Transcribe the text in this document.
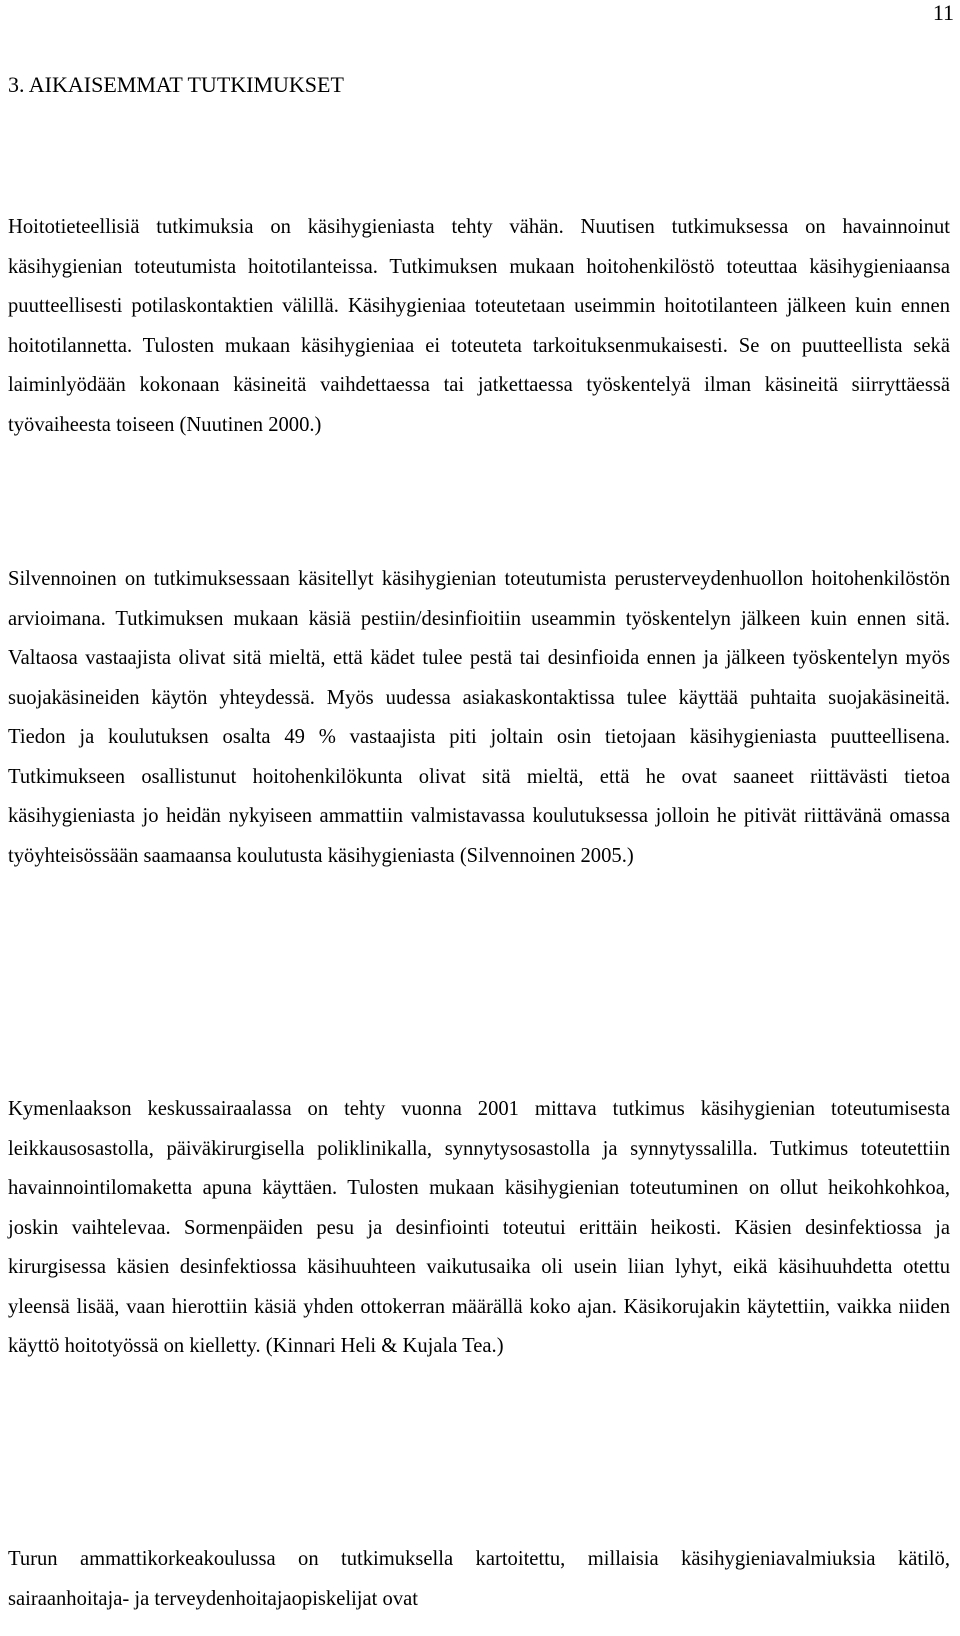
11
3. AIKAISEMMAT TUTKIMUKSET

Hoitotieteellisiä tutkimuksia on käsihygieniasta tehty vähän. Nuutisen tutkimuksessa on havainnoinut käsihygienian toteutumista hoitotilanteissa. Tutkimuksen mukaan hoitohenkilöstö toteuttaa käsihygieniaansa puutteellisesti potilaskontaktien välillä. Käsihygieniaa toteutetaan useimmin hoitotilanteen jälkeen kuin ennen hoitotilannetta. Tulosten mukaan käsihygieniaa ei toteuteta tarkoituksenmukaisesti. Se on puutteellista sekä laiminlyödään kokonaan käsineitä vaihdettaessa tai jatkettaessa työskentelyä ilman käsineitä siirryttäessä työvaiheesta toiseen (Nuutinen 2000.)

Silvennoinen on tutkimuksessaan käsitellyt käsihygienian toteutumista perusterveydenhuollon hoitohenkilöstön arvioimana. Tutkimuksen mukaan käsiä pestiin/desinfioitiin useammin työskentelyn jälkeen kuin ennen sitä. Valtaosa vastaajista olivat sitä mieltä, että kädet tulee pestä tai desinfioida ennen ja jälkeen työskentelyn myös suojakäsineiden käytön yhteydessä. Myös uudessa asiakaskontaktissa tulee käyttää puhtaita suojakäsineitä. Tiedon ja koulutuksen osalta 49 % vastaajista piti joltain osin tietojaan käsihygieniasta puutteellisena. Tutkimukseen osallistunut hoitohenkilökunta olivat sitä mieltä, että he ovat saaneet riittävästi tietoa käsihygieniasta jo heidän nykyiseen ammattiin valmistavassa koulutuksessa jolloin he pitivät riittävänä omassa työyhteisössään saamaansa koulutusta käsihygieniasta (Silvennoinen 2005.)

Kymenlaakson keskussairaalassa on tehty vuonna 2001 mittava tutkimus käsihygienian toteutumisesta leikkausosastolla, päiväkirurgisella poliklinikalla, synnytysosastolla ja synnytyssalilla. Tutkimus toteutettiin havainnointilomaketta apuna käyttäen. Tulosten mukaan käsihygienian toteutuminen on ollut heikohkohkoa, joskin vaihtelevaa. Sormenpäiden pesu ja desinfiointi toteutui erittäin heikosti. Käsien desinfektiossa ja kirurgisessa käsien desinfektiossa käsihuuhteen vaikutusaika oli usein liian lyhyt, eikä käsihuuhdetta otettu yleensä lisää, vaan hierottiin käsiä yhden ottokerran määrällä koko ajan. Käsikorujakin käytettiin, vaikka niiden käyttö hoitotyössä on kielletty. (Kinnari Heli & Kujala Tea.)

Turun ammattikorkeakoulussa on tutkimuksella kartoitettu, millaisia käsihygieniavalmiuksia kätilö, sairaanhoitaja- ja terveydenhoitajaopiskelijat ovat
